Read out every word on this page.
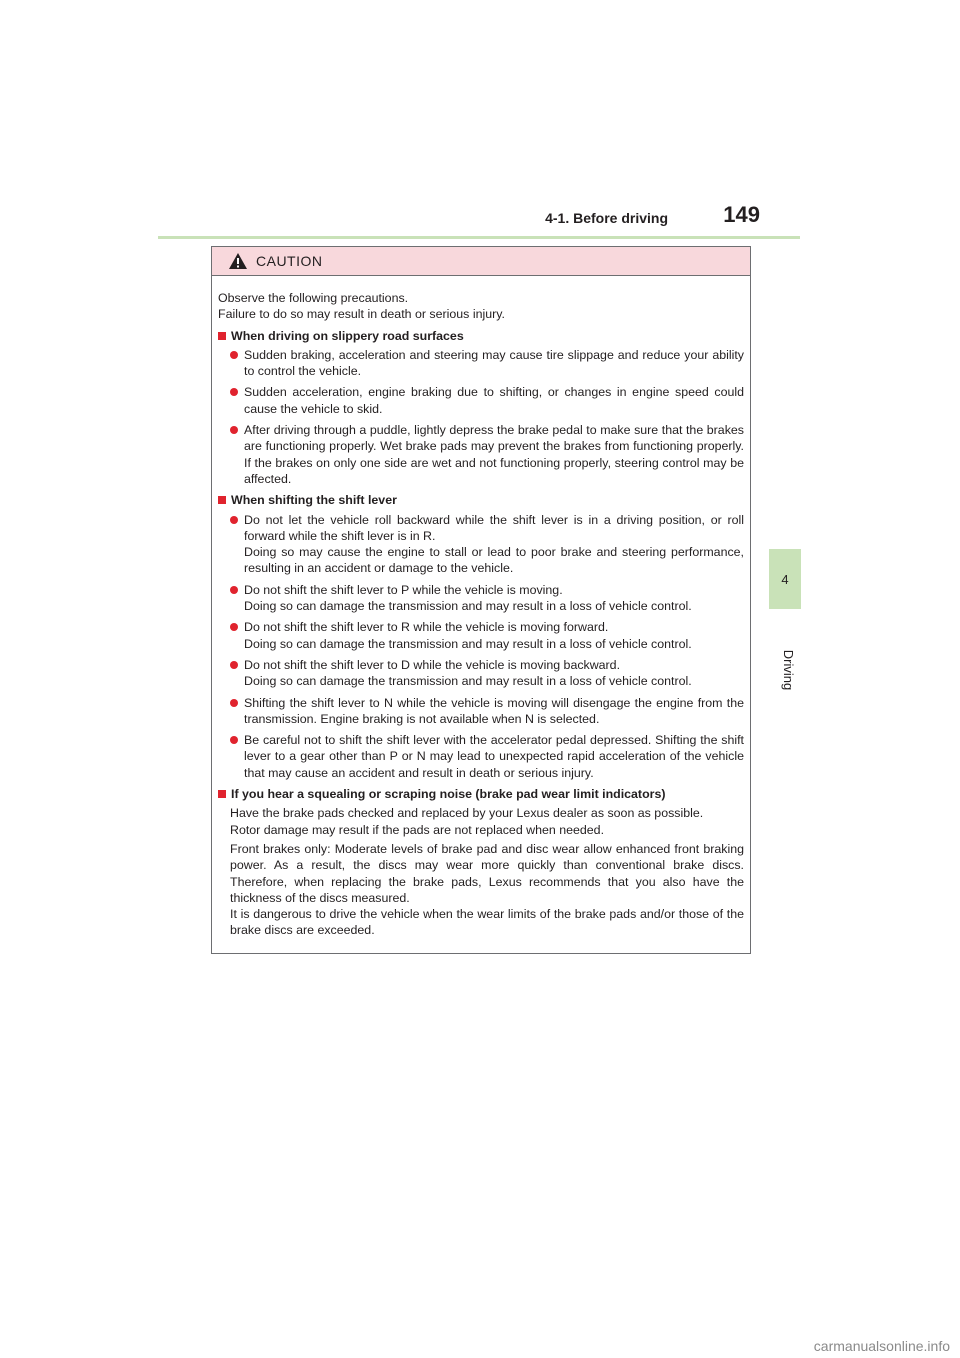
4-1. Before driving	149
4
Driving
CAUTION

Observe the following precautions.

Failure to do so may result in death or serious injury.

When driving on slippery road surfaces
Sudden braking, acceleration and steering may cause tire slippage and reduce your ability to control the vehicle.
Sudden acceleration, engine braking due to shifting, or changes in engine speed could cause the vehicle to skid.
After driving through a puddle, lightly depress the brake pedal to make sure that the brakes are functioning properly. Wet brake pads may prevent the brakes from functioning properly. If the brakes on only one side are wet and not functioning properly, steering control may be affected.
When shifting the shift lever
Do not let the vehicle roll backward while the shift lever is in a driving position, or roll forward while the shift lever is in R.
Doing so may cause the engine to stall or lead to poor brake and steering performance, resulting in an accident or damage to the vehicle.
Do not shift the shift lever to P while the vehicle is moving.
Doing so can damage the transmission and may result in a loss of vehicle control.
Do not shift the shift lever to R while the vehicle is moving forward.
Doing so can damage the transmission and may result in a loss of vehicle control.
Do not shift the shift lever to D while the vehicle is moving backward.
Doing so can damage the transmission and may result in a loss of vehicle control.
Shifting the shift lever to N while the vehicle is moving will disengage the engine from the transmission. Engine braking is not available when N is selected.
Be careful not to shift the shift lever with the accelerator pedal depressed. Shifting the shift lever to a gear other than P or N may lead to unexpected rapid acceleration of the vehicle that may cause an accident and result in death or serious injury.
If you hear a squealing or scraping noise (brake pad wear limit indicators)
Have the brake pads checked and replaced by your Lexus dealer as soon as possible.
Rotor damage may result if the pads are not replaced when needed.
Front brakes only: Moderate levels of brake pad and disc wear allow enhanced front braking power. As a result, the discs may wear more quickly than conventional brake discs. Therefore, when replacing the brake pads, Lexus recommends that you also have the thickness of the discs measured.
It is dangerous to drive the vehicle when the wear limits of the brake pads and/or those of the brake discs are exceeded.
carmanualsonline.info
